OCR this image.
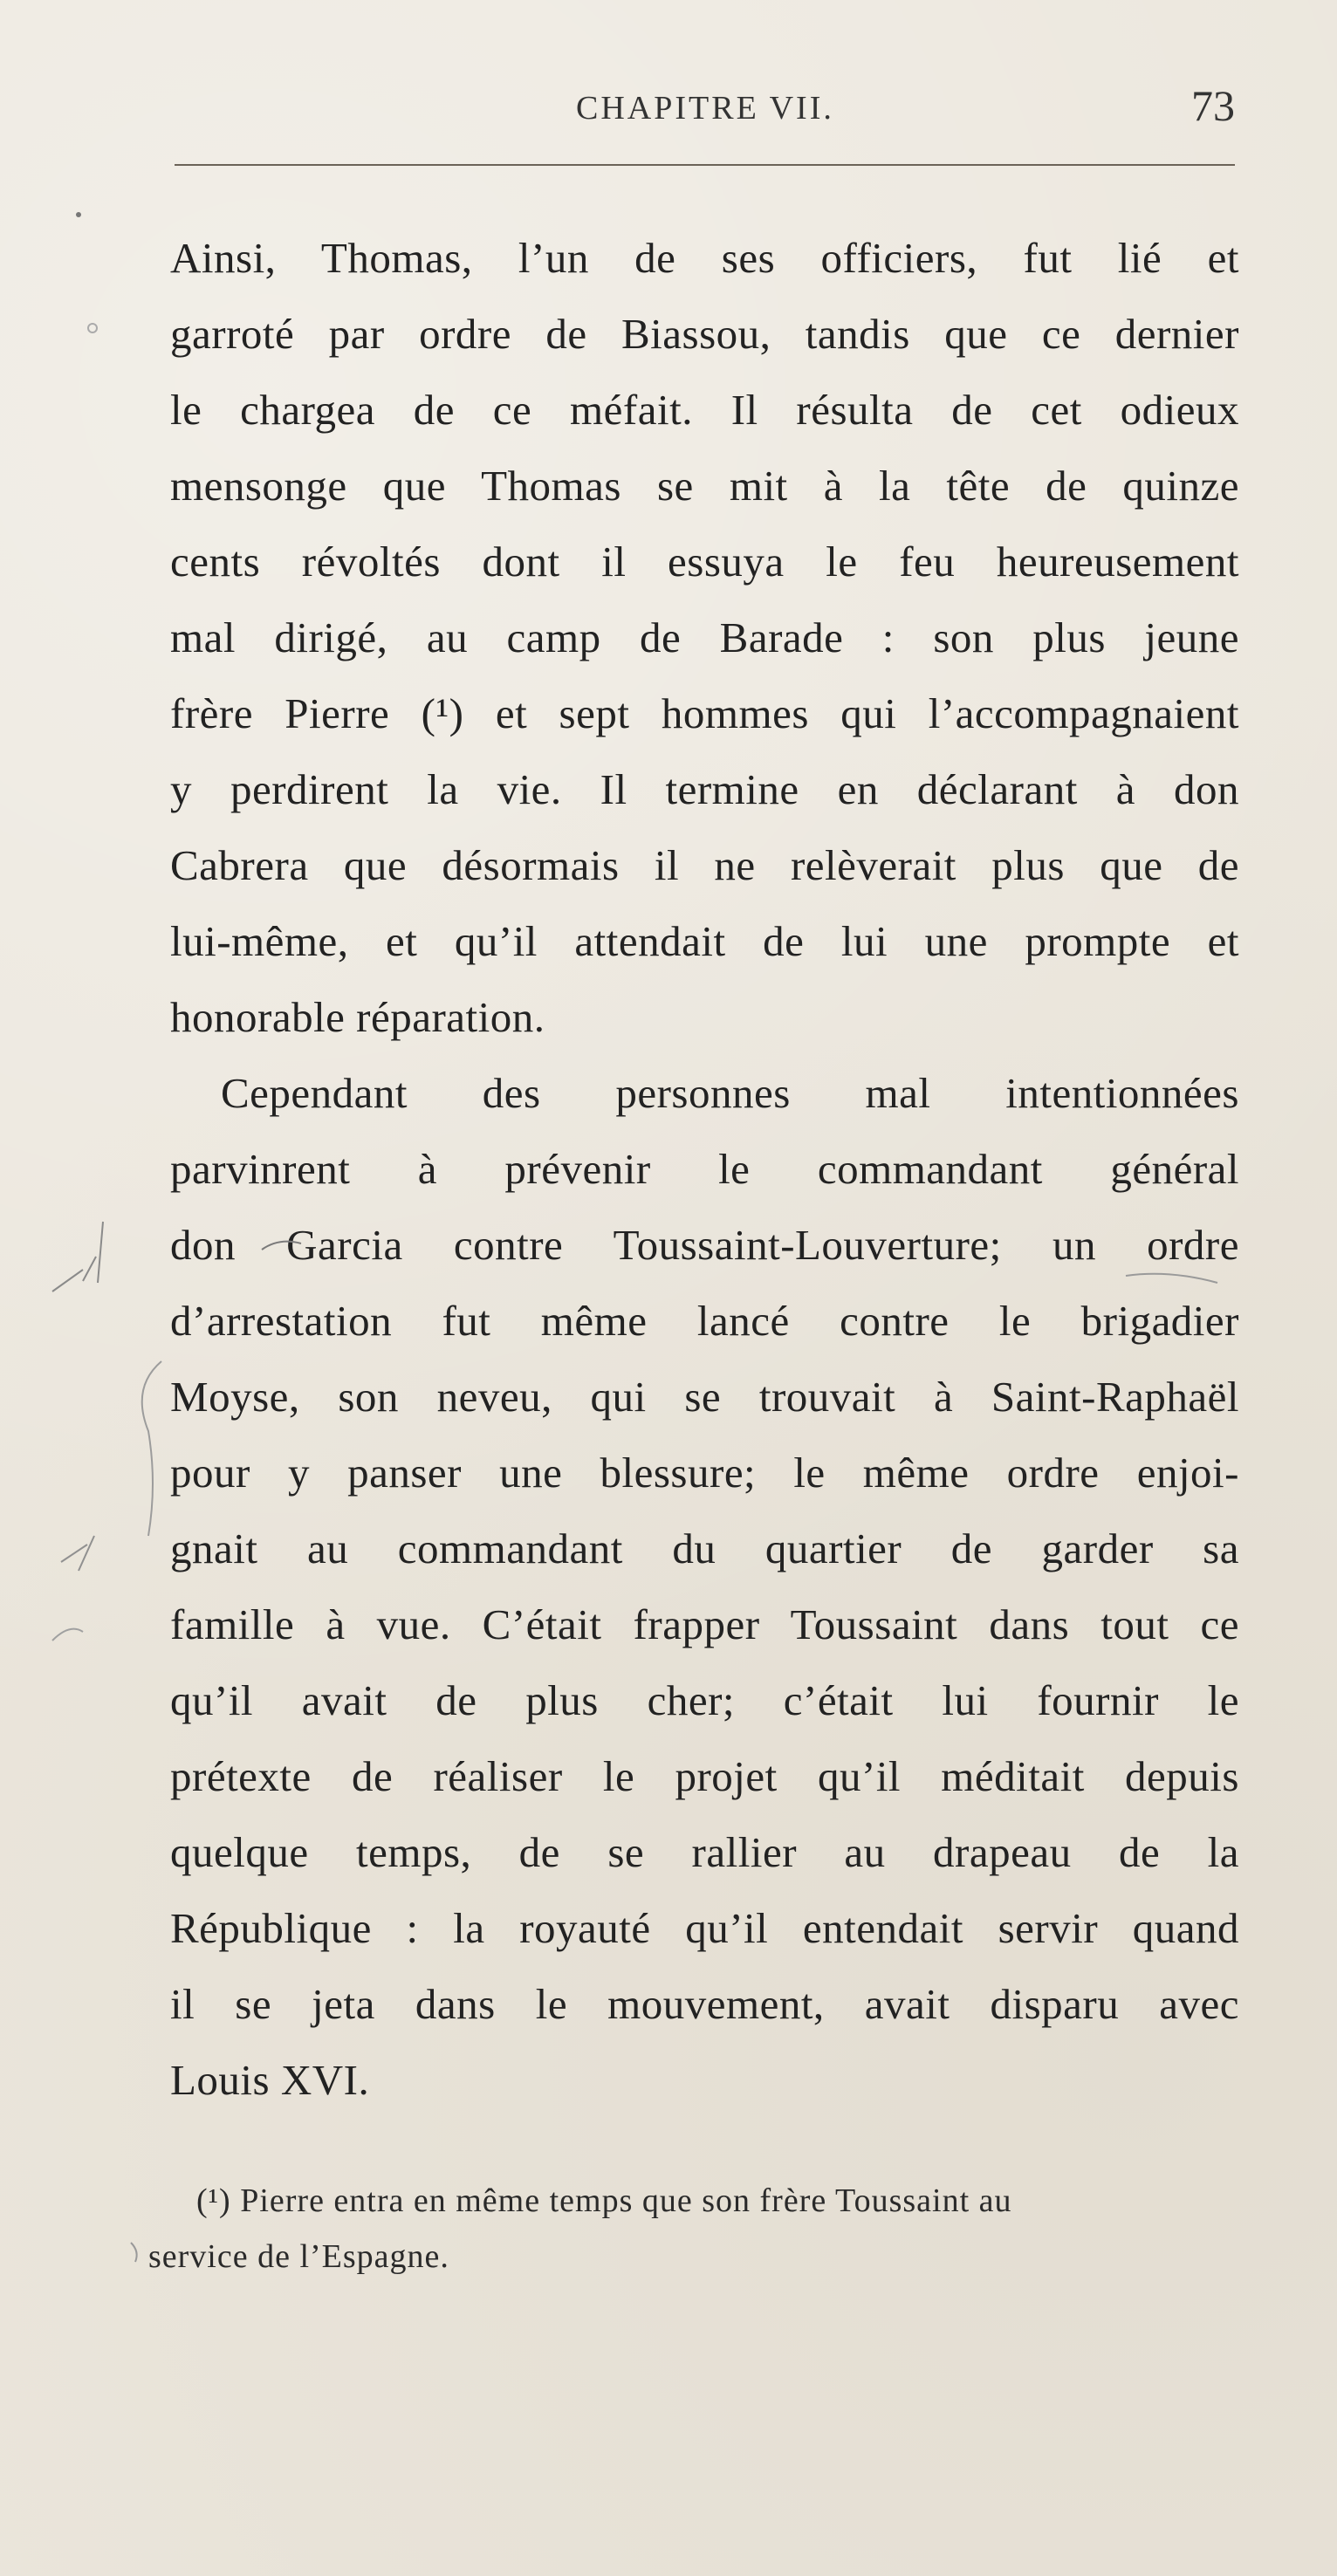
CHAPITRE VII.	73
Ainsi, Thomas, l’un de ses officiers, fut lié et
garroté par ordre de Biassou, tandis que ce dernier
le chargea de ce méfait. Il résulta de cet odieux
mensonge que Thomas se mit à la tête de quinze
cents révoltés dont il essuya le feu heureusement
mal dirigé, au camp de Barade : son plus jeune
frère Pierre (¹) et sept hommes qui l’accompagnaient
y perdirent la vie. Il termine en déclarant à don
Cabrera que désormais il ne relèverait plus que de
lui-même, et qu’il attendait de lui une prompte et
honorable réparation.
Cependant des personnes mal intentionnées
parvinrent à prévenir le commandant général
don Garcia contre Toussaint-Louverture; un ordre
d’arrestation fut même lancé contre le brigadier
Moyse, son neveu, qui se trouvait à Saint-Raphaël
pour y panser une blessure; le même ordre enjoi-
gnait au commandant du quartier de garder sa
famille à vue. C’était frapper Toussaint dans tout ce
qu’il avait de plus cher; c’était lui fournir le
prétexte de réaliser le projet qu’il méditait depuis
quelque temps, de se rallier au drapeau de la
République : la royauté qu’il entendait servir quand
il se jeta dans le mouvement, avait disparu avec
Louis XVI.
(¹) Pierre entra en même temps que son frère Toussaint au
service de l’Espagne.
